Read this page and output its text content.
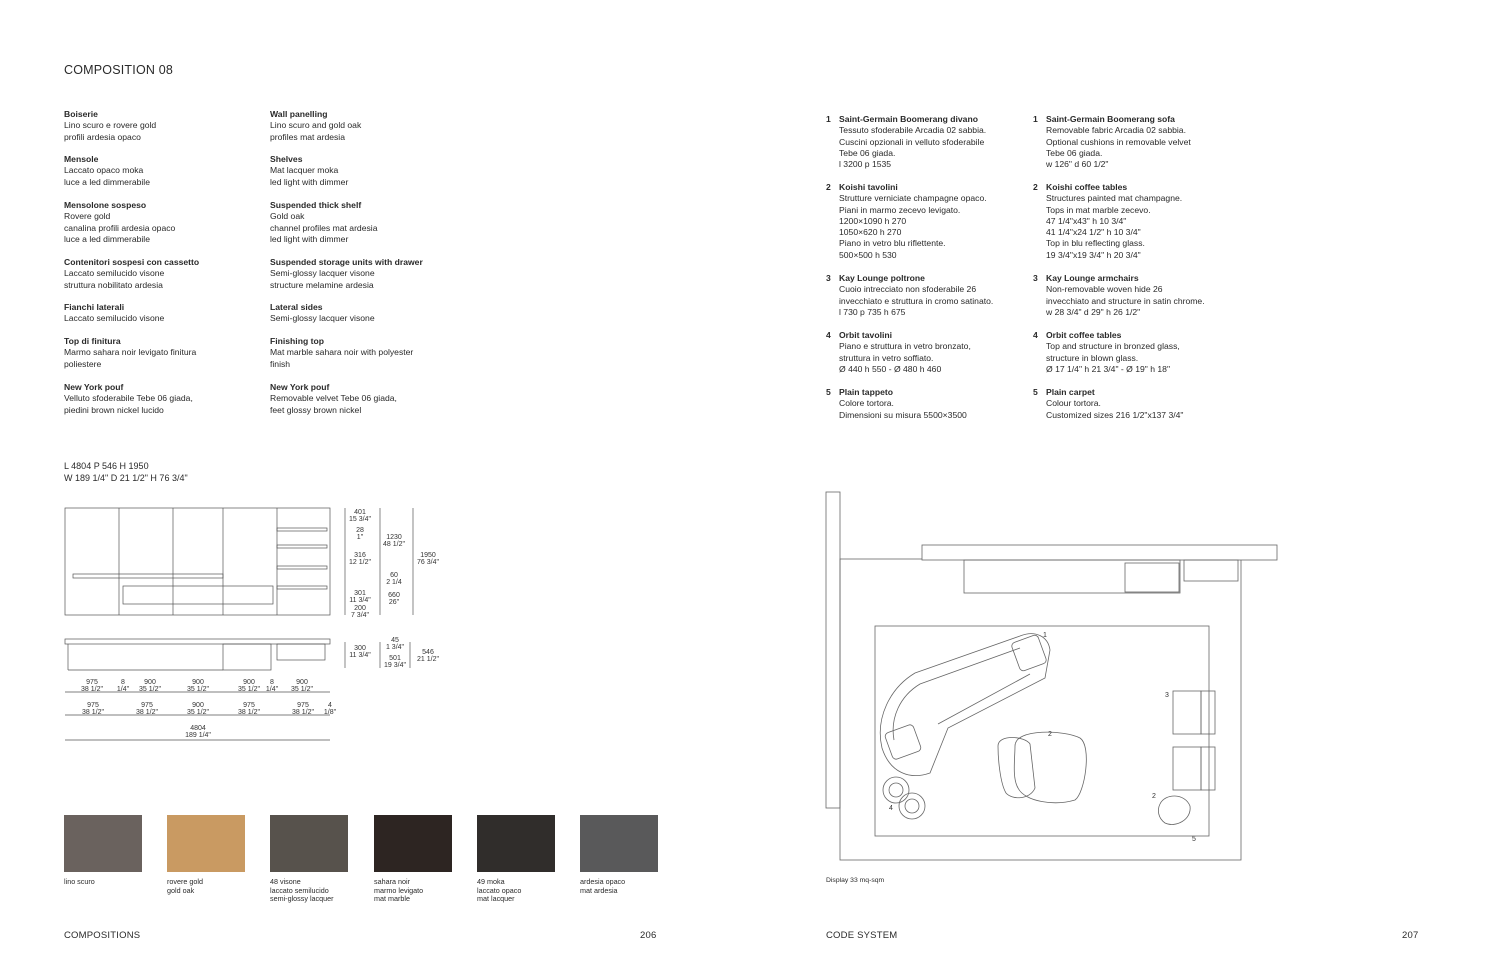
COMPOSITION 08
Boiserie
Lino scuro e rovere gold
profili ardesia opaco
Mensole
Laccato opaco moka
luce a led dimmerabile
Mensolone sospeso
Rovere gold
canalina profili ardesia opaco
luce a led dimmerabile
Contenitori sospesi con cassetto
Laccato semilucido visone
struttura nobilitato ardesia
Fianchi laterali
Laccato semilucido visone
Top di finitura
Marmo sahara noir levigato finitura
poliestere
New York pouf
Velluto sfoderabile Tebe 06 giada,
piedini brown nickel lucido
Wall panelling
Lino scuro and gold oak
profiles mat ardesia
Shelves
Mat lacquer moka
led light with dimmer
Suspended thick shelf
Gold oak
channel profiles mat ardesia
led light with dimmer
Suspended storage units with drawer
Semi-glossy lacquer visone
structure melamine ardesia
Lateral sides
Semi-glossy lacquer visone
Finishing top
Mat marble sahara noir with polyester
finish
New York pouf
Removable velvet Tebe 06 giada,
feet glossy brown nickel
L 4804 P 546 H 1950
W 189 1/4" D 21 1/2" H 76 3/4"
401
15 3/4"
28
1"
316
12 1/2"
301
11 3/4"
200
7 3/4"
1230
48 1/2"
60
2 1/4
660
26"
1950
76 3/4"
300
11 3/4"
45
1 3/4"
501
19 3/4"
546
21 1/2"
975
38 1/2"
8
1/4"
900
35 1/2"
900
35 1/2"
900
35 1/2"
8
1/4"
900
35 1/2"
975
38 1/2"
975
38 1/2"
900
35 1/2"
975
38 1/2"
975
38 1/2"
4
1/8"
4804
189 1/4"
lino scuro	rovere gold
gold oak
48 visone
laccato semilucido
semi-glossy lacquer
sahara noir
marmo levigato
mat marble
49 moka
laccato opaco
mat lacquer
ardesia opaco
mat ardesia
COMPOSITIONS	206
1 Saint-Germain Boomerang divano
Tessuto sfoderabile Arcadia 02 sabbia.
Cuscini opzionali in velluto sfoderabile
Tebe 06 giada.
l 3200 p 1535
2 Koishi tavolini
Strutture verniciate champagne opaco.
Piani in marmo zecevo levigato.
1200×1090 h 270
1050×620 h 270
Piano in vetro blu riflettente.
500×500 h 530
3 Kay Lounge poltrone
Cuoio intrecciato non sfoderabile 26
invecchiato e struttura in cromo satinato.
l 730 p 735 h 675
4 Orbit tavolini
Piano e struttura in vetro bronzato,
struttura in vetro soffiato.
Ø 440 h 550 - Ø 480 h 460
5 Plain tappeto
Colore tortora.
Dimensioni su misura 5500×3500
1 Saint-Germain Boomerang sofa
Removable fabric Arcadia 02 sabbia.
Optional cushions in removable velvet
Tebe 06 giada.
w 126" d 60 1/2"
2 Koishi coffee tables
Structures painted mat champagne.
Tops in mat marble zecevo.
47 1/4"x43" h 10 3/4"
41 1/4"x24 1/2" h 10 3/4"
Top in blu reflecting glass.
19 3/4"x19 3/4" h 20 3/4"
3 Kay Lounge armchairs
Non-removable woven hide 26
invecchiato and structure in satin chrome.
w 28 3/4" d 29" h 26 1/2"
4 Orbit coffee tables
Top and structure in bronzed glass,
structure in blown glass.
Ø 17 1/4" h 21 3/4" - Ø 19" h 18"
5 Plain carpet
Colour tortora.
Customized sizes 216 1/2"x137 3/4"
1
2
2
3
4
5
Display 33 mq-sqm
CODE SYSTEM	207
